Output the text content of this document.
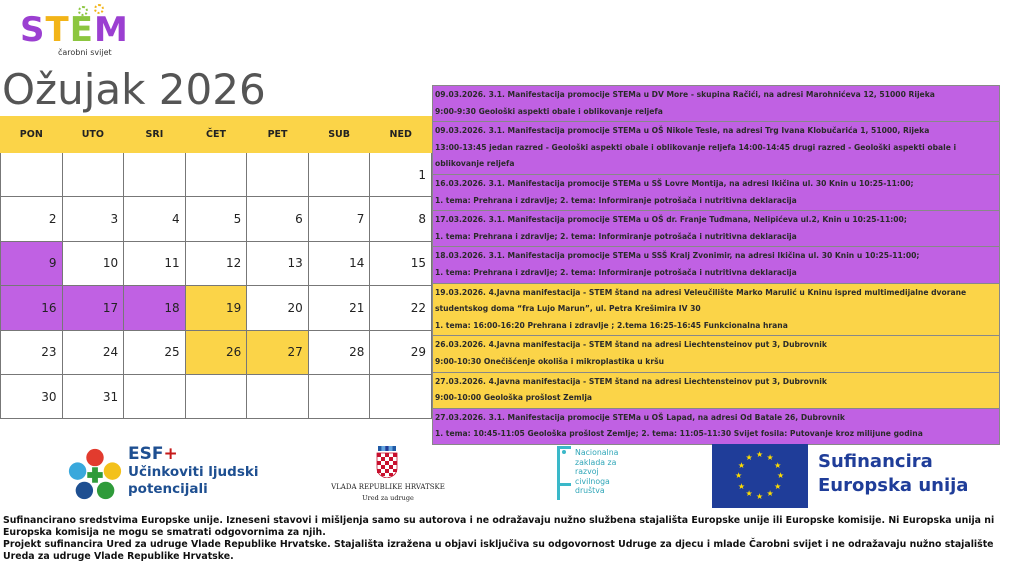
STEM
čarobni svijet
Ožujak 2026
PON	UTO	SRI	ČET	PET	SUB	NED
						1
2	3	4	5	6	7	8
9	10	11	12	13	14	15
16	17	18	19	20	21	22
23	24	25	26	27	28	29
30	31					
09.03.2026. 3.1. Manifestacija promocije STEMa u DV More - skupina Račići, na adresi Marohnićeva 12, 51000 Rijeka
9:00-9:30 Geološki aspekti obale i oblikovanje reljefa
09.03.2026. 3.1. Manifestacija promocije STEMa u OŠ Nikole Tesle, na adresi Trg Ivana Klobučarića 1, 51000, Rijeka
13:00-13:45 jedan razred - Geološki aspekti obale i oblikovanje reljefa 14:00-14:45 drugi razred - Geološki aspekti obale i oblikovanje reljefa
16.03.2026. 3.1. Manifestacija promocije STEMa u SŠ Lovre Montija, na adresi Ikičina ul. 30 Knin u 10:25-11:00;
1. tema: Prehrana i zdravlje; 2. tema: Informiranje potrošača i nutritivna deklaracija
17.03.2026. 3.1. Manifestacija promocije STEMa u OŠ dr. Franje Tuđmana, Nelipićeva ul.2, Knin u 10:25-11:00;
1. tema: Prehrana i zdravlje; 2. tema: Informiranje potrošača i nutritivna deklaracija
18.03.2026. 3.1. Manifestacija promocije STEMa u SSŠ Kralj Zvonimir, na adresi Ikičina ul. 30 Knin u 10:25-11:00;
1. tema: Prehrana i zdravlje; 2. tema: Informiranje potrošača i nutritivna deklaracija
19.03.2026. 4.Javna manifestacija - STEM štand na adresi Veleučilište Marko Marulić u Kninu ispred multimedijalne dvorane studentskog doma “fra Lujo Marun”, ul. Petra Krešimira IV 30
1. tema: 16:00-16:20 Prehrana i zdravlje ; 2.tema 16:25-16:45 Funkcionalna hrana
26.03.2026. 4.Javna manifestacija - STEM štand na adresi Liechtensteinov put 3, Dubrovnik
9:00-10:30 Onečišćenje okoliša i mikroplastika u kršu
27.03.2026. 4.Javna manifestacija - STEM štand na adresi Liechtensteinov put 3, Dubrovnik
9:00-10:00 Geološka prošlost Zemlja
27.03.2026. 3.1. Manifestacija promocije STEMa u OŠ Lapad, na adresi Od Batale 26, Dubrovnik
1. tema: 10:45-11:05 Geološka prošlost Zemlje; 2. tema: 11:05-11:30 Svijet fosila: Putovanje kroz milijune godina
ESF+
Učinkoviti ljudski
potencijali	VLADA REPUBLIKE HRVATSKE
Ured za udruge
Nacionalna
zaklada za
razvoj
civilnoga
društva
★
★
★
★
★
★
★
★
★ ★ ★
★ Sufinancira
Europska unija

Sufinancirano sredstvima Europske unije. Izneseni stavovi i mišljenja samo su autorova i ne odražavaju nužno službena stajališta Europske unije ili Europske komisije. Ni Europska unija ni Europska komisija ne mogu se smatrati odgovornima za njih.

Projekt sufinancira Ured za udruge Vlade Republike Hrvatske. Stajališta izražena u objavi isključiva su odgovornost Udruge za djecu i mlade Čarobni svijet i ne odražavaju nužno stajalište Ureda za udruge Vlade Republike Hrvatske.
